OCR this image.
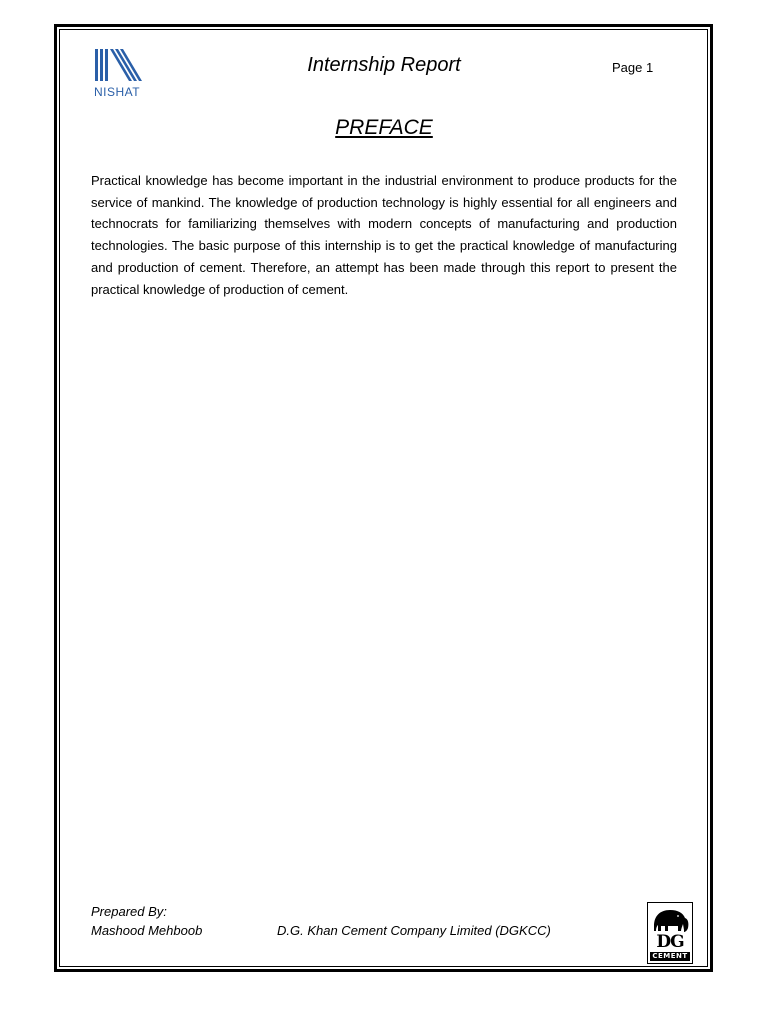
NISHAT
Internship Report	Page 1
PREFACE
Practical knowledge has become important in the industrial environment to produce products for the service of mankind. The knowledge of production technology is highly essential for all engineers and technocrats for familiarizing themselves with modern concepts of manufacturing and production technologies. The basic purpose of this internship is to get the practical knowledge of manufacturing and production of cement. Therefore, an attempt has been made through this report to present the practical knowledge of production of cement.
Prepared By:
Mashood Mehboob	D.G. Khan Cement Company Limited (DGKCC)
DG
CEMENT
